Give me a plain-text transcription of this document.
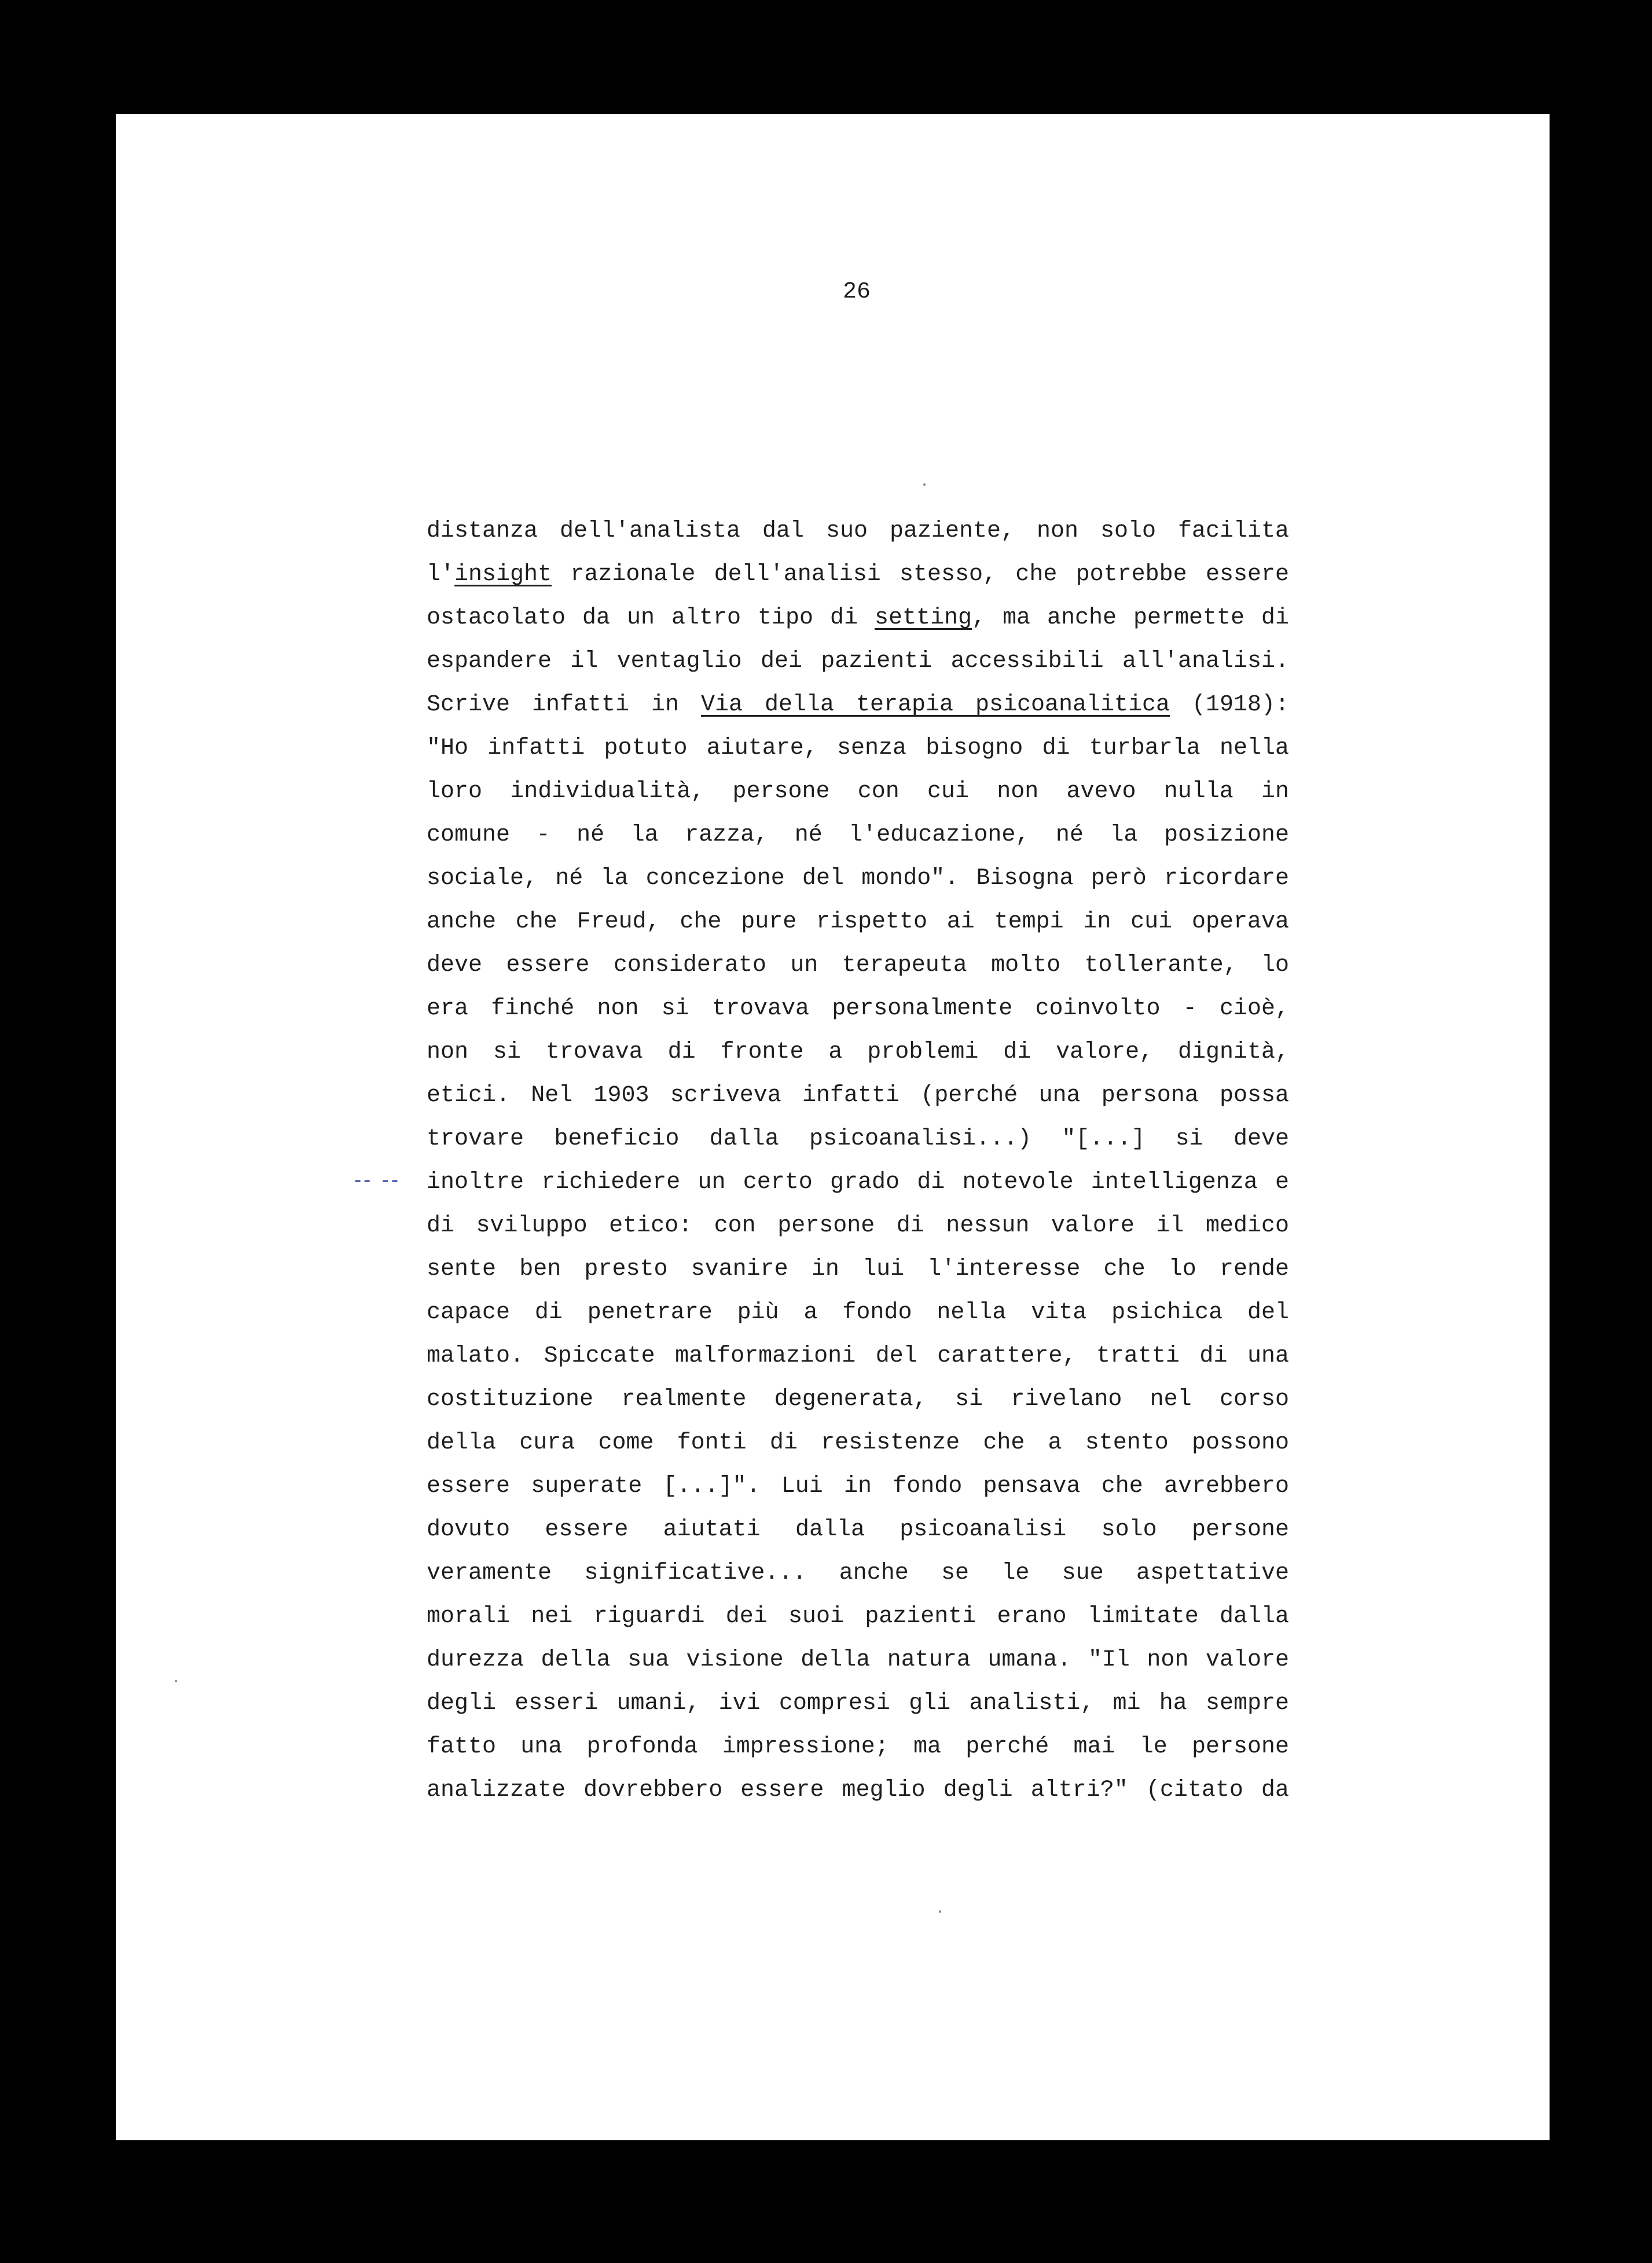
26
distanza dell'analista dal suo paziente, non solo facilita
l'insight razionale dell'analisi stesso, che potrebbe essere
ostacolato da un altro tipo di setting, ma anche permette di
espandere il ventaglio dei pazienti accessibili all'analisi.
Scrive infatti in Via della terapia psicoanalitica (1918):
"Ho infatti potuto aiutare, senza bisogno di turbarla nella
loro individualità, persone con cui non avevo nulla in
comune - né la razza, né l'educazione, né la posizione
sociale, né la concezione del mondo". Bisogna però ricordare
anche che Freud, che pure rispetto ai tempi in cui operava
deve essere considerato un terapeuta molto tollerante, lo
era finché non si trovava personalmente coinvolto - cioè,
non si trovava di fronte a problemi di valore, dignità,
etici. Nel 1903 scriveva infatti (perché una persona possa
trovare beneficio dalla psicoanalisi...) "[...] si deve
inoltre richiedere un certo grado di notevole intelligenza e
di sviluppo etico: con persone di nessun valore il medico
sente ben presto svanire in lui l'interesse che lo rende
capace di penetrare più a fondo nella vita psichica del
malato. Spiccate malformazioni del carattere, tratti di una
costituzione realmente degenerata, si rivelano nel corso
della cura come fonti di resistenze che a stento possono
essere superate [...]". Lui in fondo pensava che avrebbero
dovuto essere aiutati dalla psicoanalisi solo persone
veramente significative... anche se le sue aspettative
morali nei riguardi dei suoi pazienti erano limitate dalla
durezza della sua visione della natura umana. "Il non valore
degli esseri umani, ivi compresi gli analisti, mi ha sempre
fatto una profonda impressione; ma perché mai le persone
analizzate dovrebbero essere meglio degli altri?" (citato da
-- --
